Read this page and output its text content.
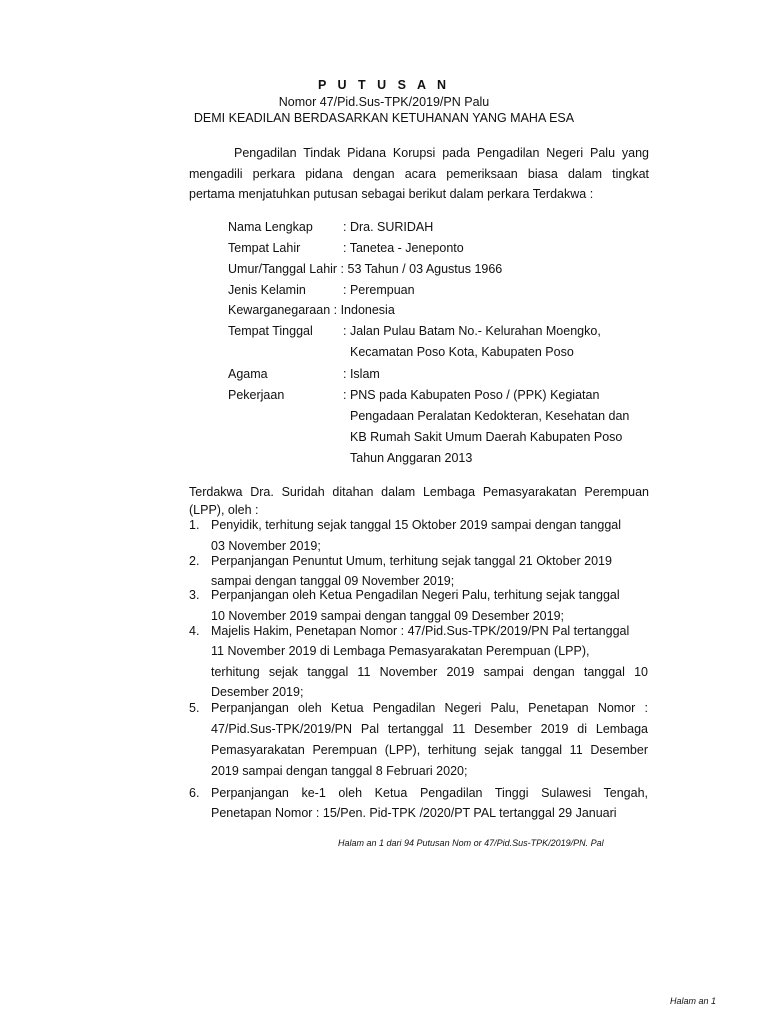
P U T U S A N
Nomor 47/Pid.Sus-TPK/2019/PN Palu
DEMI KEADILAN BERDASARKAN KETUHANAN YANG MAHA ESA
Pengadilan Tindak Pidana Korupsi pada Pengadilan Negeri Palu yang
mengadili perkara pidana dengan acara pemeriksaan biasa dalam tingkat
pertama menjatuhkan putusan sebagai berikut dalam perkara Terdakwa :
Nama Lengkap : Dra. SURIDAH
Tempat Lahir	: Tanetea - Jeneponto
Umur/Tanggal Lahir : 53 Tahun / 03 Agustus 1966
Jenis Kelamin	: Perempuan
Kewarganegaraan : Indonesia
Tempat Tinggal : Jalan Pulau Batam No.- Kelurahan Moengko,
Kecamatan Poso Kota, Kabupaten Poso
Agama	: Islam
Pekerjaan	: PNS pada Kabupaten Poso / (PPK) Kegiatan
Pengadaan Peralatan Kedokteran, Kesehatan dan
KB Rumah Sakit Umum Daerah Kabupaten Poso
Tahun Anggaran 2013
Terdakwa Dra. Suridah ditahan dalam Lembaga Pemasyarakatan Perempuan
(LPP), oleh :
1. Penyidik, terhitung sejak tanggal 15 Oktober 2019 sampai dengan tanggal
03 November 2019;
2. Perpanjangan Penuntut Umum, terhitung sejak tanggal 21 Oktober 2019
sampai dengan tanggal 09 November 2019;
3. Perpanjangan oleh Ketua Pengadilan Negeri Palu, terhitung sejak tanggal
10 November 2019 sampai dengan tanggal 09 Desember 2019;
4. Majelis Hakim, Penetapan Nomor : 47/Pid.Sus-TPK/2019/PN Pal tertanggal
11 November 2019 di Lembaga Pemasyarakatan Perempuan (LPP),
terhitung sejak tanggal 11 November 2019 sampai dengan tanggal 10
Desember 2019;
5. Perpanjangan oleh Ketua Pengadilan Negeri Palu, Penetapan Nomor :
47/Pid.Sus-TPK/2019/PN Pal tertanggal 11 Desember 2019 di Lembaga
Pemasyarakatan Perempuan (LPP), terhitung sejak tanggal 11 Desember
2019 sampai dengan tanggal 8 Februari 2020;
6. Perpanjangan ke-1 oleh Ketua Pengadilan Tinggi Sulawesi Tengah,
Penetapan Nomor : 15/Pen. Pid-TPK /2020/PT PAL tertanggal 29 Januari
Halam an 1 dari 94 Putusan Nom or 47/Pid.Sus-TPK/2019/PN. Pal
Halam an 1
